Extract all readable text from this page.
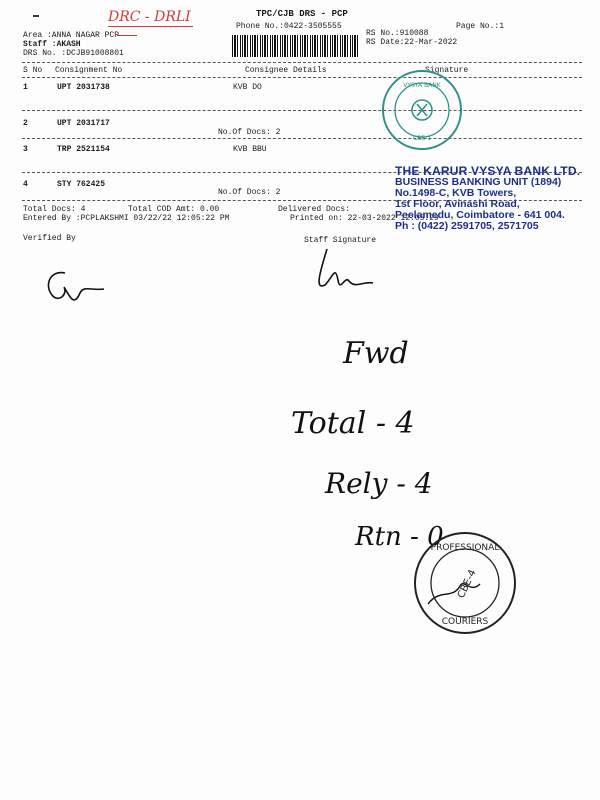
DRC - DRLI	TPC/CJB DRS - PCP
Phone No.:0422-3505555
Area :ANNA NAGAR PCP
Staff :AKASH
DRS No. :DCJB91008801
RS No.:910088
RS Date:22-Mar-2022
Page No.:1
S No Consignment No	Consignee Details	Signature
1	UPT 2031738	KVB DO
2	UPT 2031717
No.Of Docs: 2
3	TRP 2521154	KVB BBU
4	STY 762425
No.Of Docs: 2
Total Docs: 4	Total COD Amt: 0.00	Delivered Docs:
Entered By :PCPLAKSHMI 03/22/22 12:05:22 PM	Printed on: 22-03-2022 12:05:29
Verified By	Staff Signature
VYSYA BANK
CBE-1
THE KARUR VYSYA BANK LTD.
BUSINESS BANKING UNIT (1894)
No.1498-C, KVB Towers,
1st Floor, Avinashi Road,
Peelamedu, Coimbatore - 641 004.
Ph : (0422) 2591705, 2571705
Fwd
Total - 4
Rely - 4
Rtn - 0
PROFESSIONAL
COURIERS
CBE-4
